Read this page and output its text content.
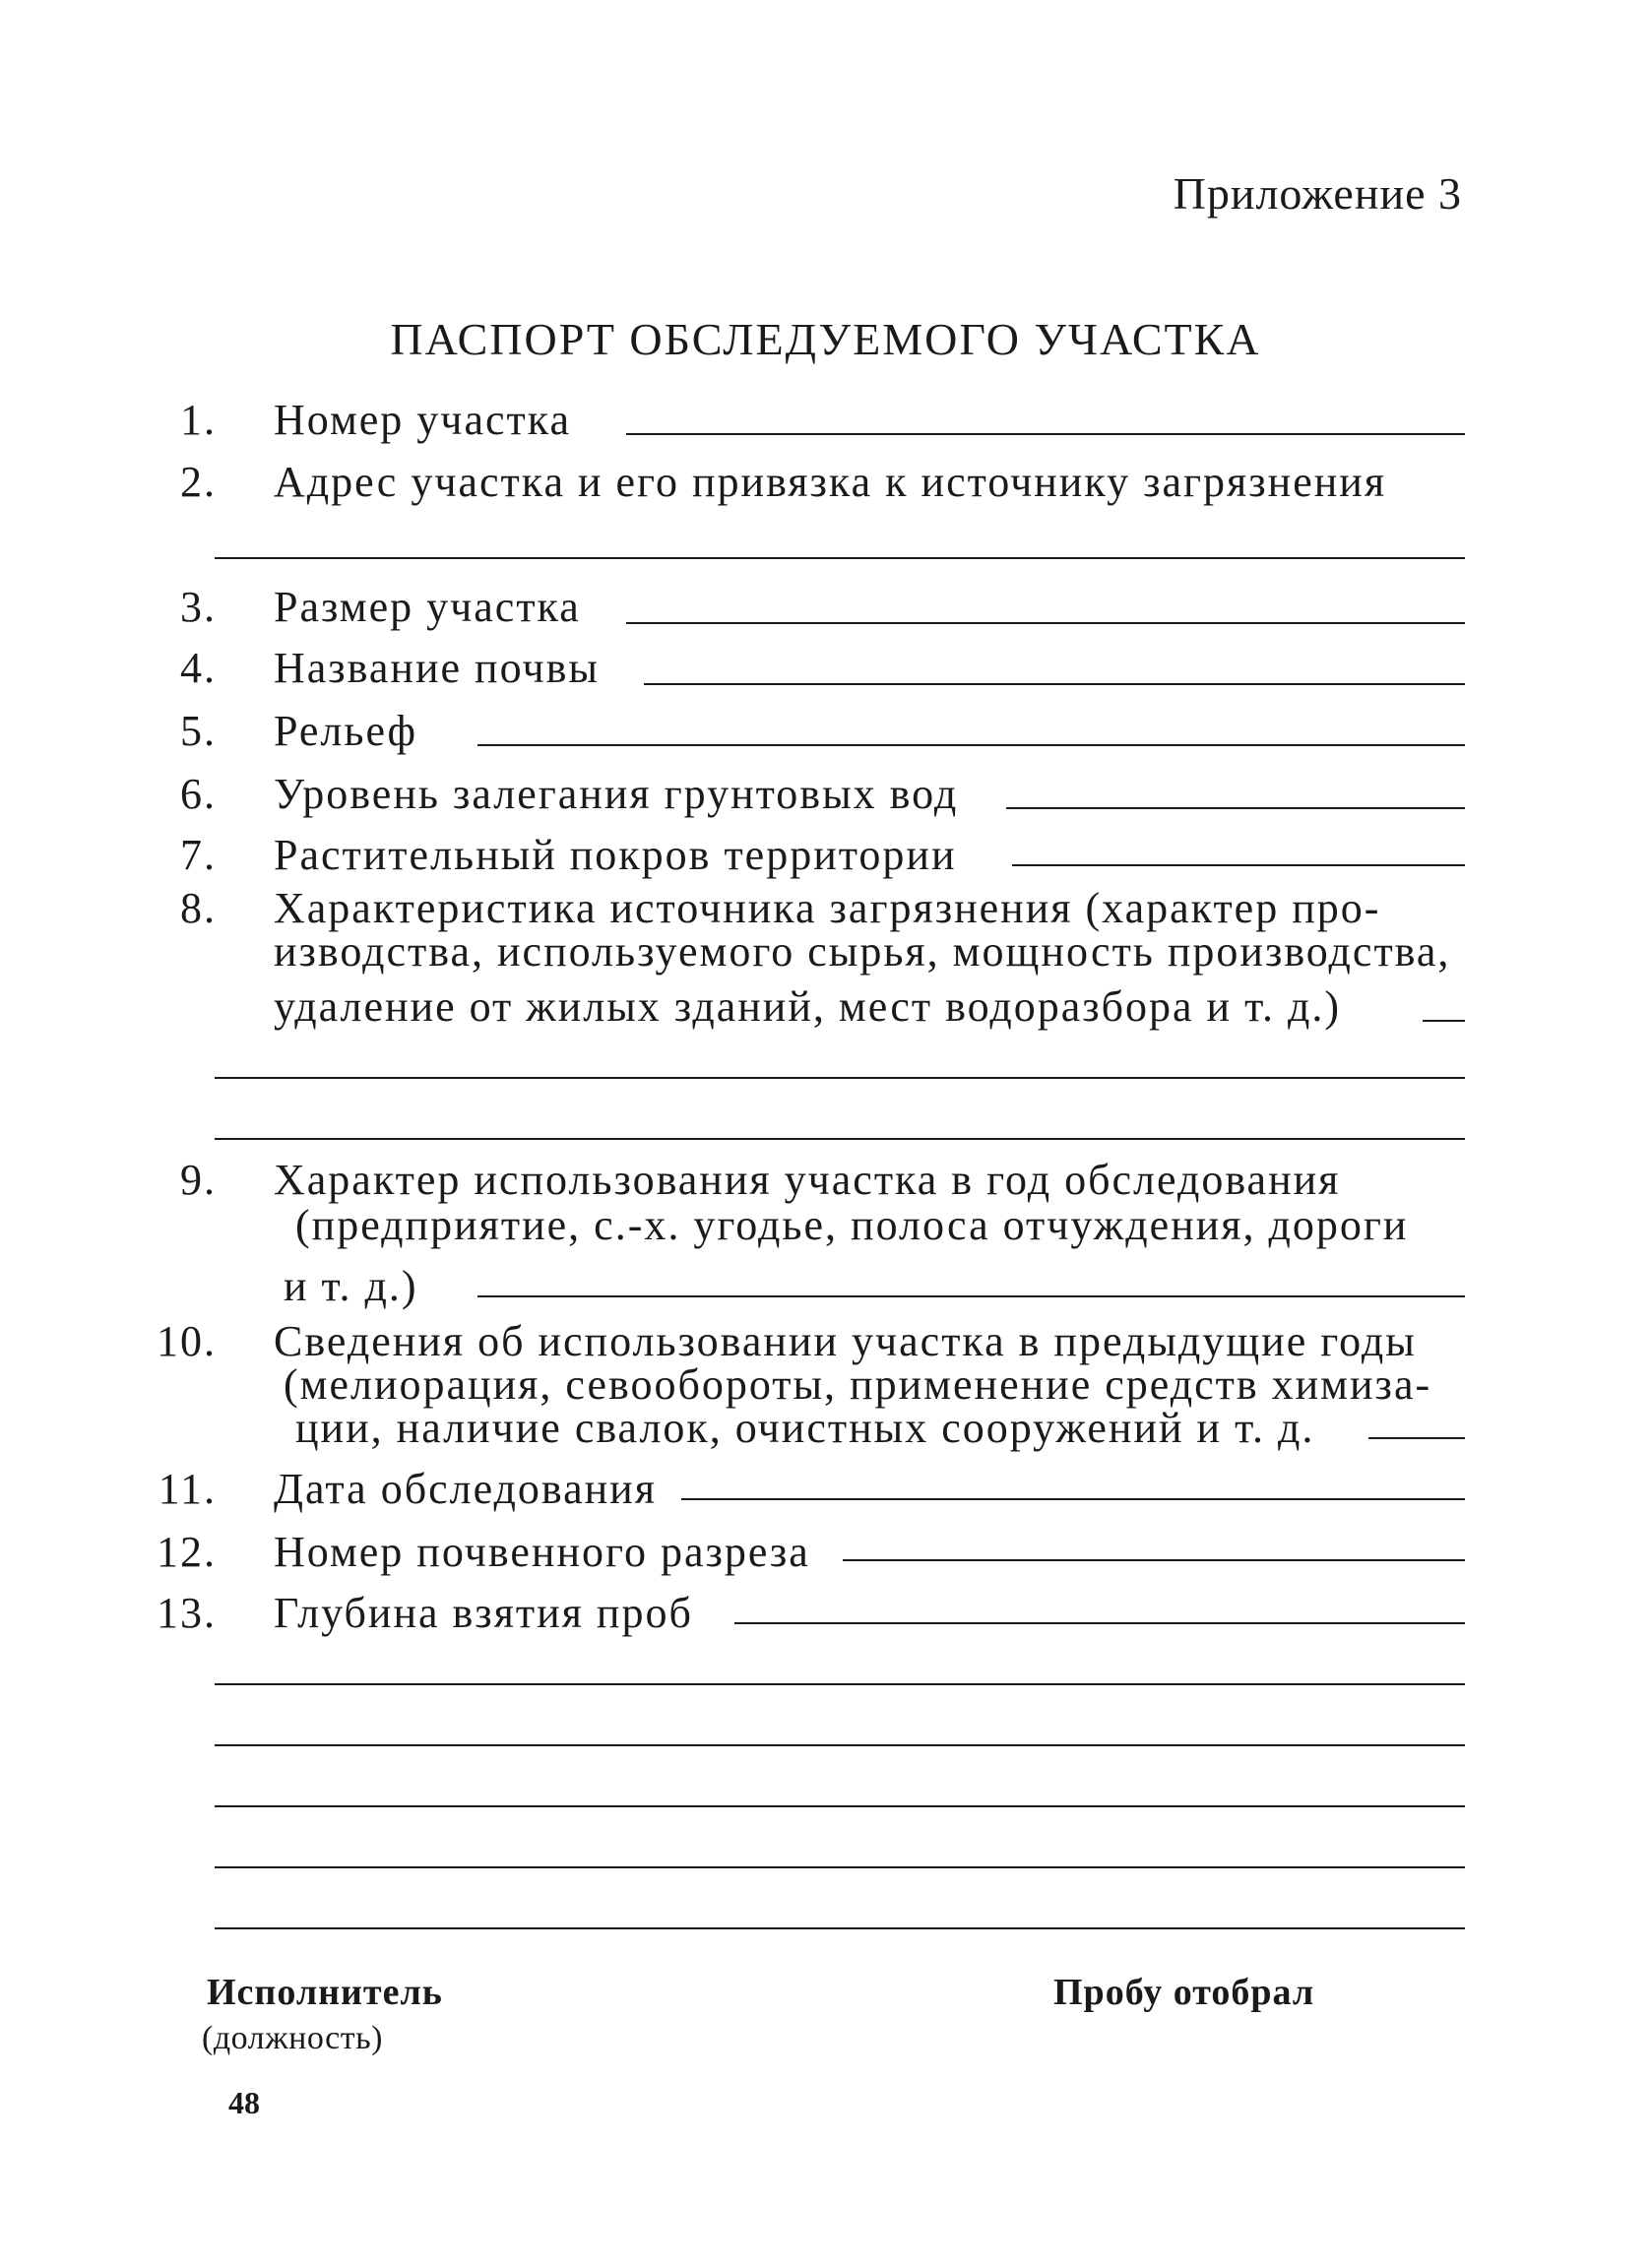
Приложение 3
ПАСПОРТ ОБСЛЕДУЕМОГО УЧАСТКА
1. Номер участка
2. Адрес участка и его привязка к источнику загрязнения
3. Размер участка
4. Название почвы
5. Рельеф
6. Уровень залегания грунтовых вод
7. Растительный покров территории
8. Характеристика источника загрязнения (характер про-
изводства, используемого сырья, мощность производства,
удаление от жилых зданий, мест водоразбора и т. д.)
9. Характер использования участка в год обследования
(предприятие, с.-х. угодье, полоса отчуждения, дороги
и т. д.)
10. Сведения об использовании участка в предыдущие годы
(мелиорация, севообороты, применение средств химиза-
ции, наличие свалок, очистных сооружений и т. д.
11. Дата обследования
12. Номер почвенного разреза
13. Глубина взятия проб
Исполнитель
(должность)
Пробу отобрал
48
